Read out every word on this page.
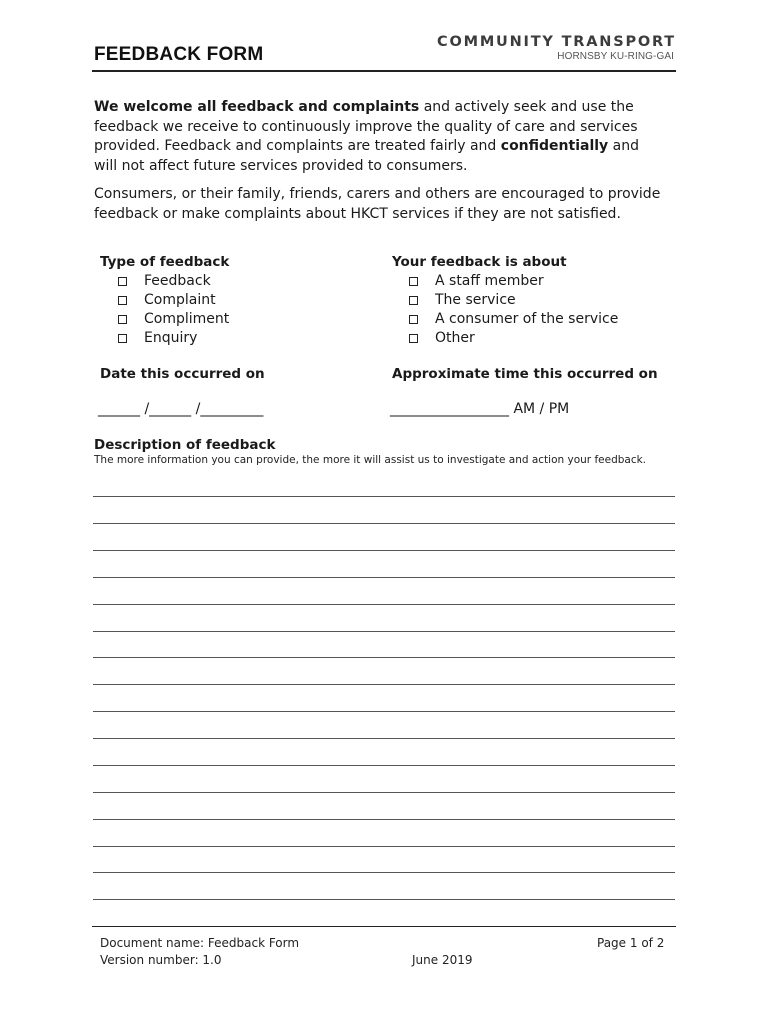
FEEDBACK FORM
COMMUNITY TRANSPORT
HORNSBY KU-RING-GAI
We welcome all feedback and complaints and actively seek and use the feedback we receive to continuously improve the quality of care and services provided. Feedback and complaints are treated fairly and confidentially and will not affect future services provided to consumers.
Consumers, or their family, friends, carers and others are encouraged to provide feedback or make complaints about HKCT services if they are not satisfied.
Type of feedback
Feedback
Complaint
Compliment
Enquiry
Your feedback is about
A staff member
The service
A consumer of the service
Other
Date this occurred on	Approximate time this occurred on
______ /______ /_________	_________________ AM / PM
Description of feedback
The more information you can provide, the more it will assist us to investigate and action your feedback.
Document name: Feedback Form
Version number: 1.0	June 2019
Page 1 of 2
